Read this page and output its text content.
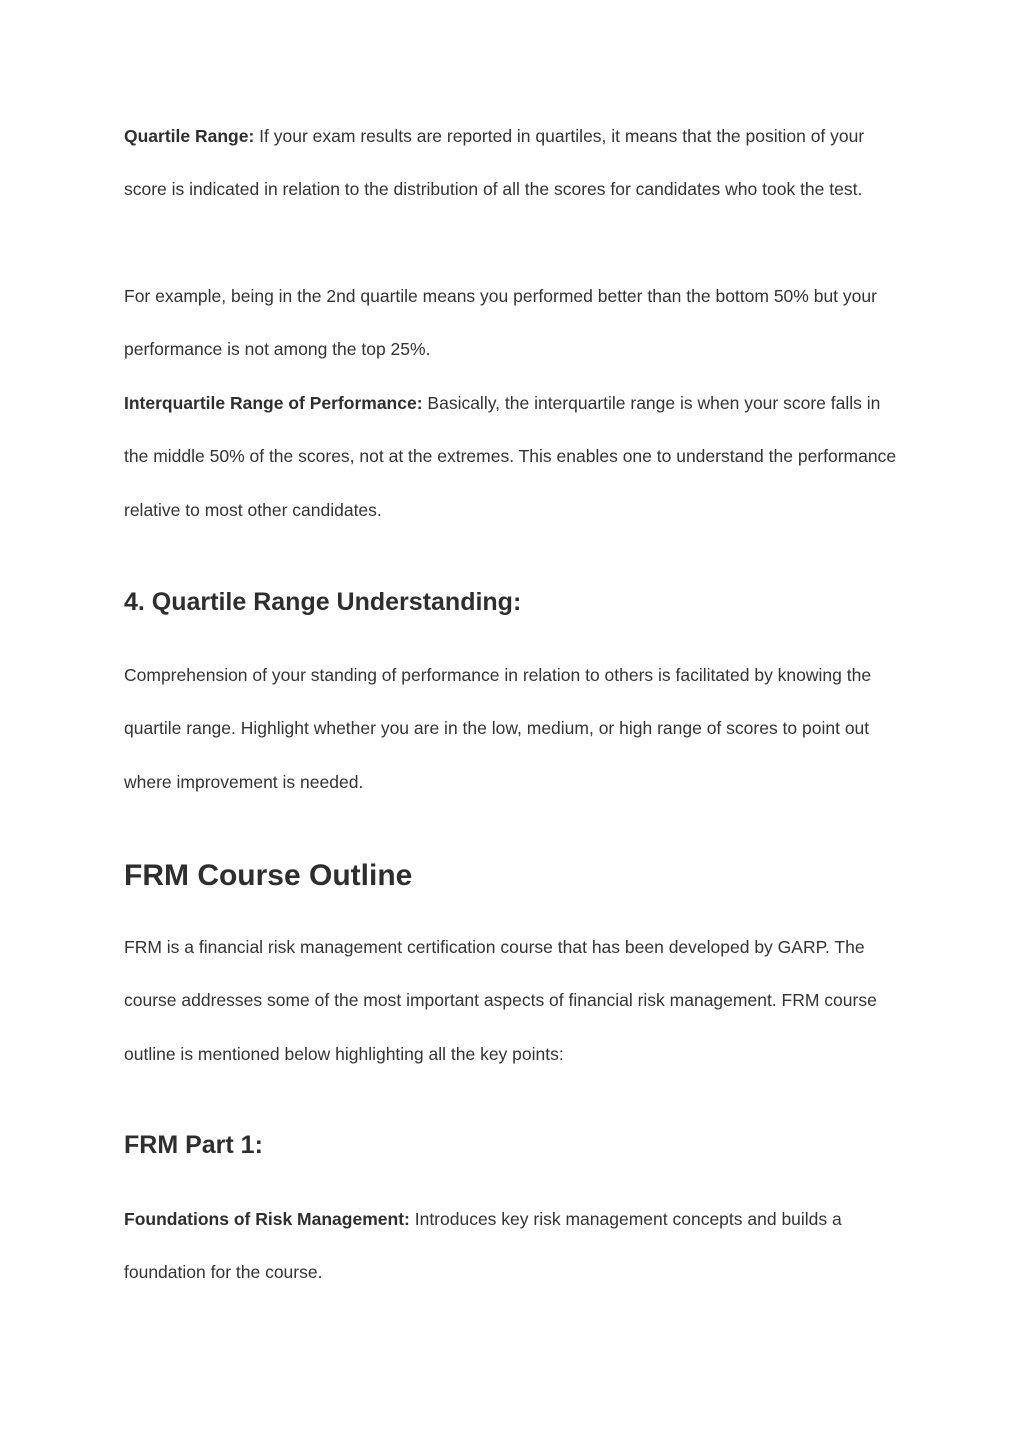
Quartile Range: If your exam results are reported in quartiles, it means that the position of your score is indicated in relation to the distribution of all the scores for candidates who took the test.

For example, being in the 2nd quartile means you performed better than the bottom 50% but your performance is not among the top 25%.

Interquartile Range of Performance: Basically, the interquartile range is when your score falls in the middle 50% of the scores, not at the extremes. This enables one to understand the performance relative to most other candidates.

4. Quartile Range Understanding:

Comprehension of your standing of performance in relation to others is facilitated by knowing the quartile range. Highlight whether you are in the low, medium, or high range of scores to point out where improvement is needed.

FRM Course Outline

FRM is a financial risk management certification course that has been developed by GARP. The course addresses some of the most important aspects of financial risk management. FRM course outline is mentioned below highlighting all the key points:

FRM Part 1:

Foundations of Risk Management: Introduces key risk management concepts and builds a foundation for the course.
